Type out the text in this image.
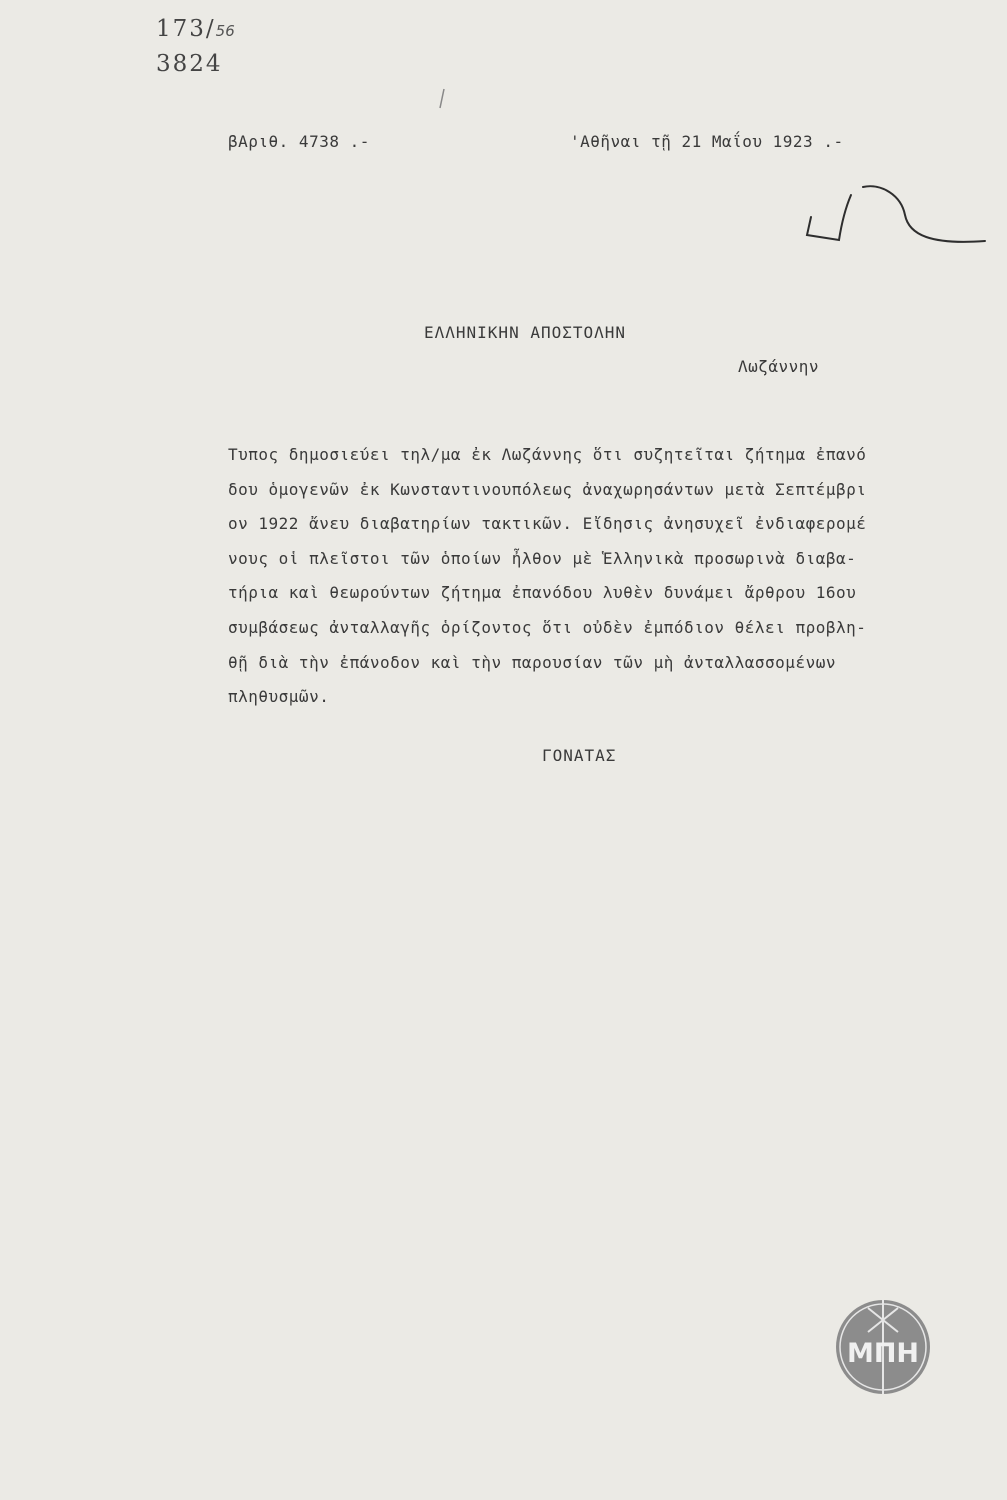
173/56
3824
βΑριθ. 4738 .-	'Αθῆναι τῇ 21 Μαΐου 1923 .-
ΕΛΛΗΝΙΚΗΝ ΑΠΟΣΤΟΛΗΝ
Λωζάννην
Τυπος δημοσιεύει τηλ/μα ἐκ Λωζάννης ὅτι συζητεῖται ζήτημα ἐπανό
δου ὁμογενῶν ἐκ Κωνσταντινουπόλεως ἀναχωρησάντων μετὰ Σεπτέμβρι
ον 1922 ἄνευ διαβατηρίων τακτικῶν. Εἴδησις ἀνησυχεῖ ἐνδιαφερομέ
νους οἱ πλεῖστοι τῶν ὁποίων ἦλθον μὲ Ἑλληνικὰ προσωρινὰ διαβα-
τήρια καὶ θεωρούντων ζήτημα ἐπανόδου λυθὲν δυνάμει ἄρθρου 16ου
συμβάσεως ἀνταλλαγῆς ὁρίζοντος ὅτι οὐδὲν ἐμπόδιον θέλει προβλη-
θῇ διὰ τὴν ἐπάνοδον καὶ τὴν παρουσίαν τῶν μὴ ἀνταλλασσομένων
πληθυσμῶν.
ΓΟΝΑΤΑΣ
ΜΠΗ
